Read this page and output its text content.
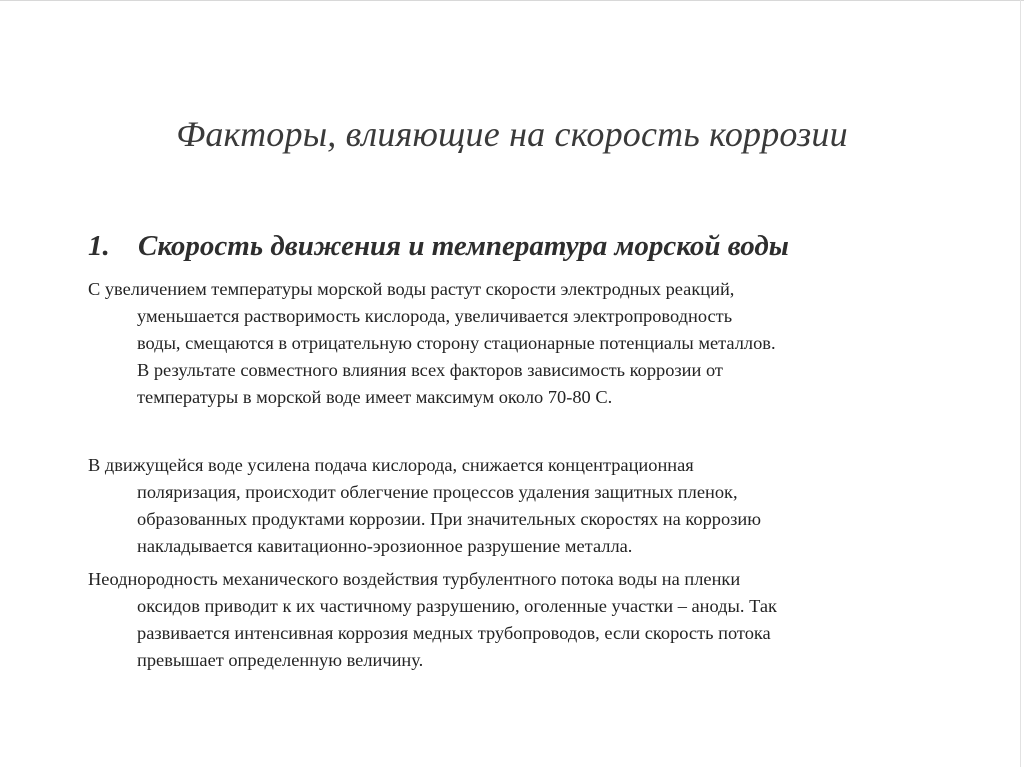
Факторы, влияющие на скорость коррозии
1. Скорость движения и температура морской воды
С увеличением температуры морской воды растут скорости электродных реакций,
уменьшается растворимость кислорода, увеличивается электропроводность
воды, смещаются в отрицательную сторону стационарные потенциалы металлов.
В результате совместного влияния всех факторов зависимость коррозии от
температуры в морской воде имеет максимум около 70-80 С.
В движущейся воде усилена подача кислорода, снижается концентрационная
поляризация, происходит облегчение процессов удаления защитных пленок,
образованных продуктами коррозии. При значительных скоростях на коррозию
накладывается кавитационно-эрозионное разрушение металла.
Неоднородность механического воздействия турбулентного потока воды на пленки
оксидов приводит к их частичному разрушению, оголенные участки – аноды. Так
развивается интенсивная коррозия медных трубопроводов, если скорость потока
превышает определенную величину.
